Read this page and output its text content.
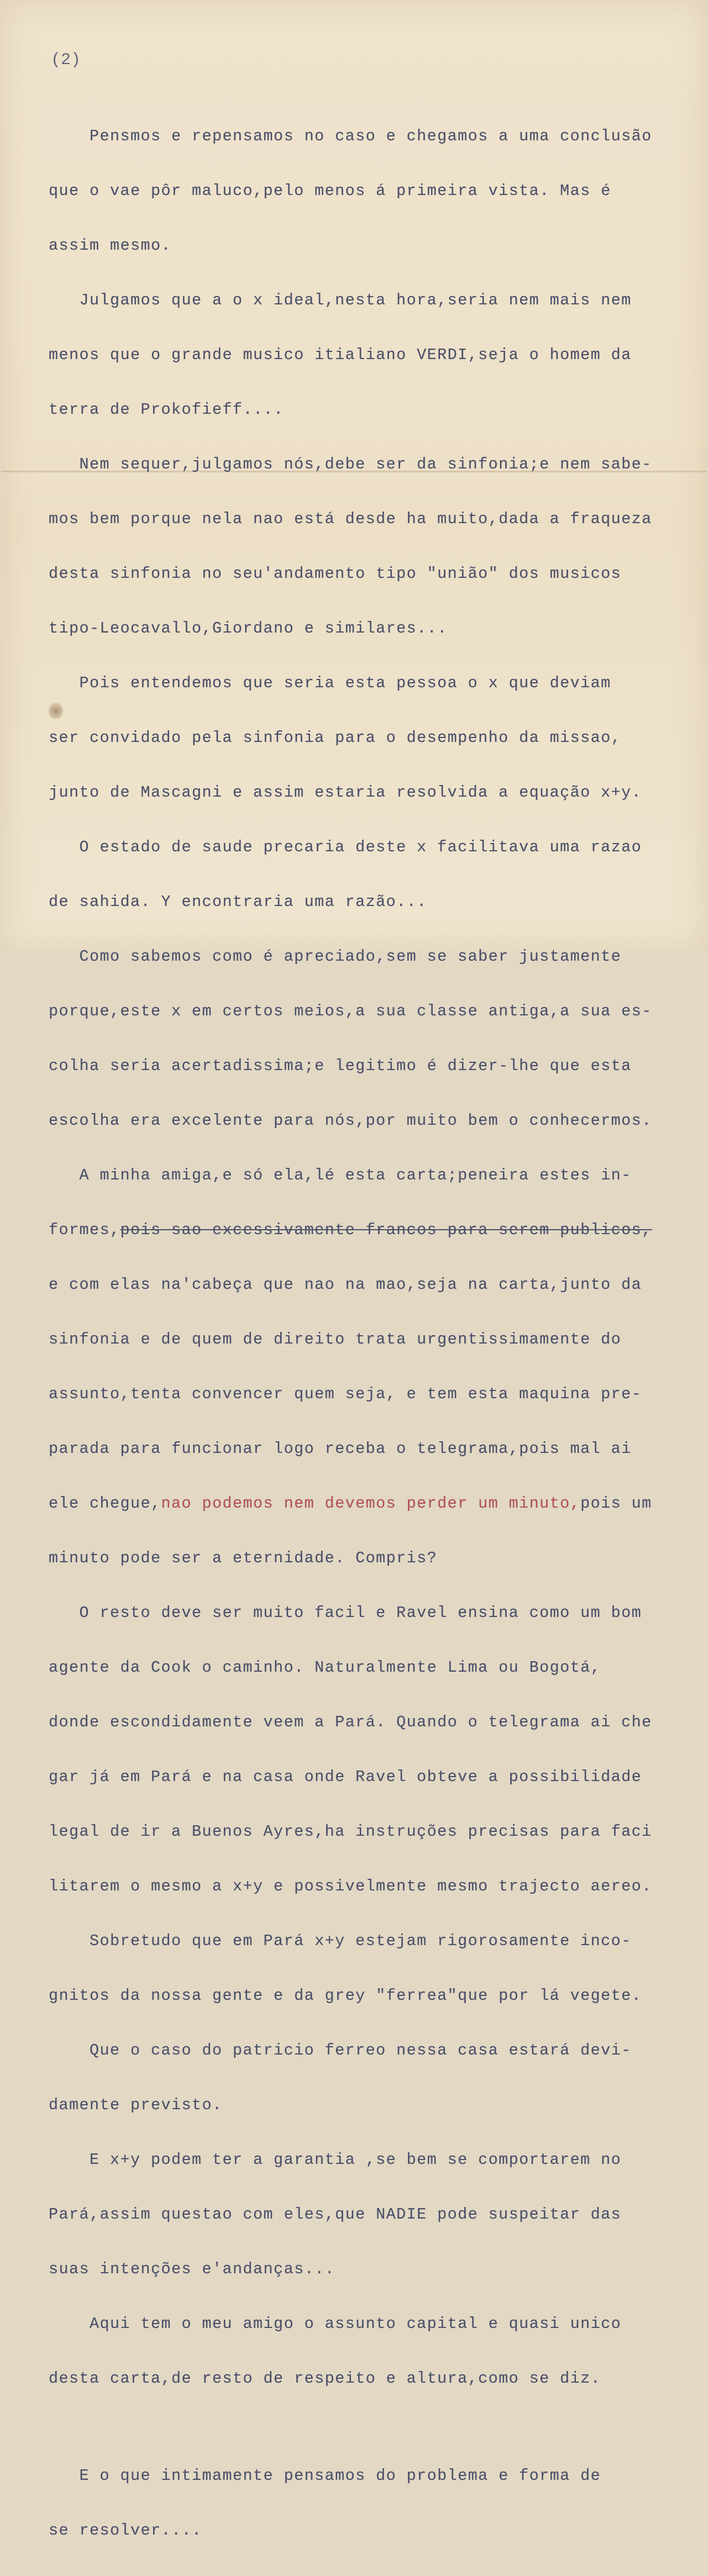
(2)

Pensmos e repensamos no caso e chegamos a uma conclusão

que o vae pôr maluco,pelo menos á primeira vista. Mas é

assim mesmo.

Julgamos que a o x ideal,nesta hora,seria nem mais nem

menos que o grande musico itialiano VERDI,seja o homem da

terra de Prokofieff....

Nem sequer,julgamos nós,debe ser da sinfonia;e nem sabe-

mos bem porque nela nao está desde ha muito,dada a fraqueza

desta sinfonia no seu'andamento tipo "união" dos musicos

tipo-Leocavallo,Giordano e similares...

Pois entendemos que seria esta pessoa o x que deviam

ser convidado pela sinfonia para o desempenho da missao,

junto de Mascagni e assim estaria resolvida a equação x+y.

O estado de saude precaria deste x facilitava uma razao

de sahida. Y encontraria uma razão...

Como sabemos como é apreciado,sem se saber justamente

porque,este x em certos meios,a sua classe antiga,a sua es-

colha seria acertadissima;e legitimo é dizer-lhe que esta

escolha era excelente para nós,por muito bem o conhecermos.

A minha amiga,e só ela,lé esta carta;peneira estes in-

formes,pois sao excessivamente francos para serem publicos,

e com elas na'cabeça que nao na mao,seja na carta,junto da

sinfonia e de quem de direito trata urgentissimamente do

assunto,tenta convencer quem seja, e tem esta maquina pre-

parada para funcionar logo receba o telegrama,pois mal ai

ele chegue,nao podemos nem devemos perder um minuto,pois um

minuto pode ser a eternidade. Compris?

O resto deve ser muito facil e Ravel ensina como um bom

agente da Cook o caminho. Naturalmente Lima ou Bogotá,

donde escondidamente veem a Pará. Quando o telegrama ai che

gar já em Pará e na casa onde Ravel obteve a possibilidade

legal de ir a Buenos Ayres,ha instruções precisas para faci

litarem o mesmo a x+y e possivelmente mesmo trajecto aereo.

Sobretudo que em Pará x+y estejam rigorosamente inco-

gnitos da nossa gente e da grey "ferrea"que por lá vegete.

Que o caso do patricio ferreo nessa casa estará devi-

damente previsto.

E x+y podem ter a garantia ,se bem se comportarem no

Pará,assim questao com eles,que NADIE pode suspeitar das

suas intenções e'andanças...

Aqui tem o meu amigo o assunto capital e quasi unico

desta carta,de resto de respeito e altura,como se diz.

E o que intimamente pensamos do problema e forma de

se resolver....
